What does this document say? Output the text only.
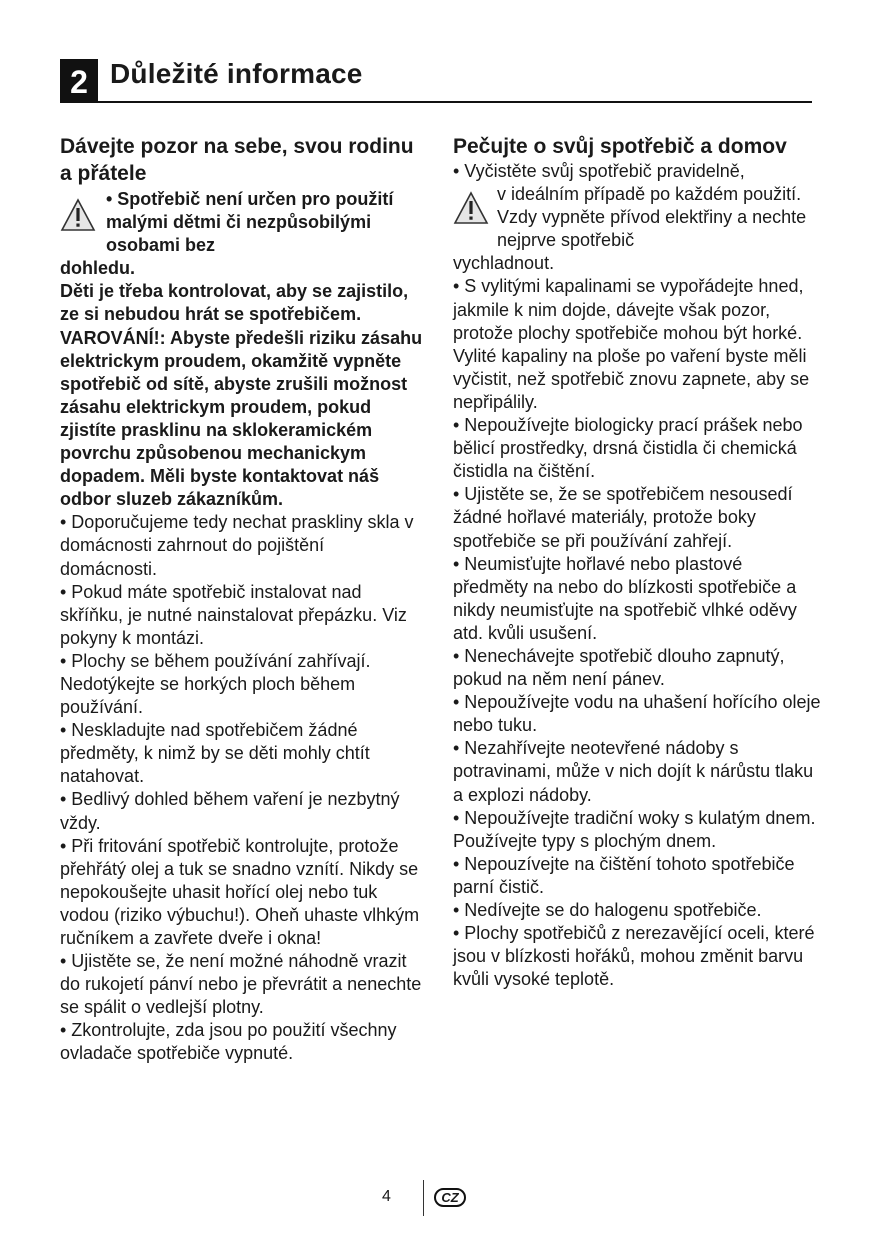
2 Důležité informace
Dávejte pozor na sebe, svou rodinu a přátele
• Spotřebič není určen pro použití malými dětmi či nezpůsobilými osobami bez

dohledu.

Děti je třeba kontrolovat, aby se zajistilo, ze si nebudou hrát se spotřebičem.

VAROVÁNÍ!: Abyste předešli riziku zásahu elektrickym proudem, okamžitě vypněte spotřebič od sítě, abyste zrušili možnost zásahu elektrickym proudem, pokud zjistíte prasklinu na sklokeramickém povrchu způsobenou mechanickym dopadem. Měli byste kontaktovat náš odbor sluzeb zákazníkům.

• Doporučujeme tedy nechat praskliny skla v domácnosti zahrnout do pojištění domácnosti.

• Pokud máte spotřebič instalovat nad skříňku, je nutné nainstalovat přepázku. Viz pokyny k montázi.

• Plochy se během používání zahřívají. Nedotýkejte se horkých ploch během používání.

• Neskladujte nad spotřebičem žádné předměty, k nimž by se děti mohly chtít natahovat.

• Bedlivý dohled během vaření je nezbytný vždy.

• Při fritování spotřebič kontrolujte, protože přehřátý olej a tuk se snadno vznítí. Nikdy se nepokoušejte uhasit hořící olej nebo tuk vodou (riziko výbuchu!). Oheň uhaste vlhkým ručníkem a zavřete dveře i okna!

• Ujistěte se, že není možné náhodně vrazit do rukojetí pánví nebo je převrátit a nenechte se spálit o vedlejší plotny.

• Zkontrolujte, zda jsou po použití všechny ovladače spotřebiče vypnuté.

Pečujte o svůj spotřebič a domov

• Vyčistěte svůj spotřebič pravidelně,

v ideálním případě po každém použití. Vzdy vypněte přívod elektřiny a nechte nejprve spotřebič

vychladnout.

• S vylitými kapalinami se vypořádejte hned, jakmile k nim dojde, dávejte však pozor, protože plochy spotřebiče mohou být horké. Vylité kapaliny na ploše po vaření byste měli vyčistit, než spotřebič znovu zapnete, aby se nepřipálily.

• Nepoužívejte biologicky prací prášek nebo bělicí prostředky, drsná čistidla či chemická čistidla na čištění.

• Ujistěte se, že se spotřebičem nesousedí žádné hořlavé materiály, protože boky spotřebiče se při používání zahřejí.

• Neumisťujte hořlavé nebo plastové předměty na nebo do blízkosti spotřebiče a nikdy neumisťujte na spotřebič vlhké oděvy atd. kvůli usušení.

• Nenechávejte spotřebič dlouho zapnutý, pokud na něm není pánev.

• Nepoužívejte vodu na uhašení hořícího oleje nebo tuku.

• Nezahřívejte neotevřené nádoby s potravinami, může v nich dojít k nárůstu tlaku a explozi nádoby.

• Nepoužívejte tradiční woky s kulatým dnem. Používejte typy s plochým dnem.

• Nepouzívejte na čištění tohoto spotřebiče parní čistič.

• Nedívejte se do halogenu spotřebiče.

• Plochy spotřebičů z nerezavějící oceli, které jsou v blízkosti hořáků, mohou změnit barvu kvůli vysoké teplotě.

4	CZ
